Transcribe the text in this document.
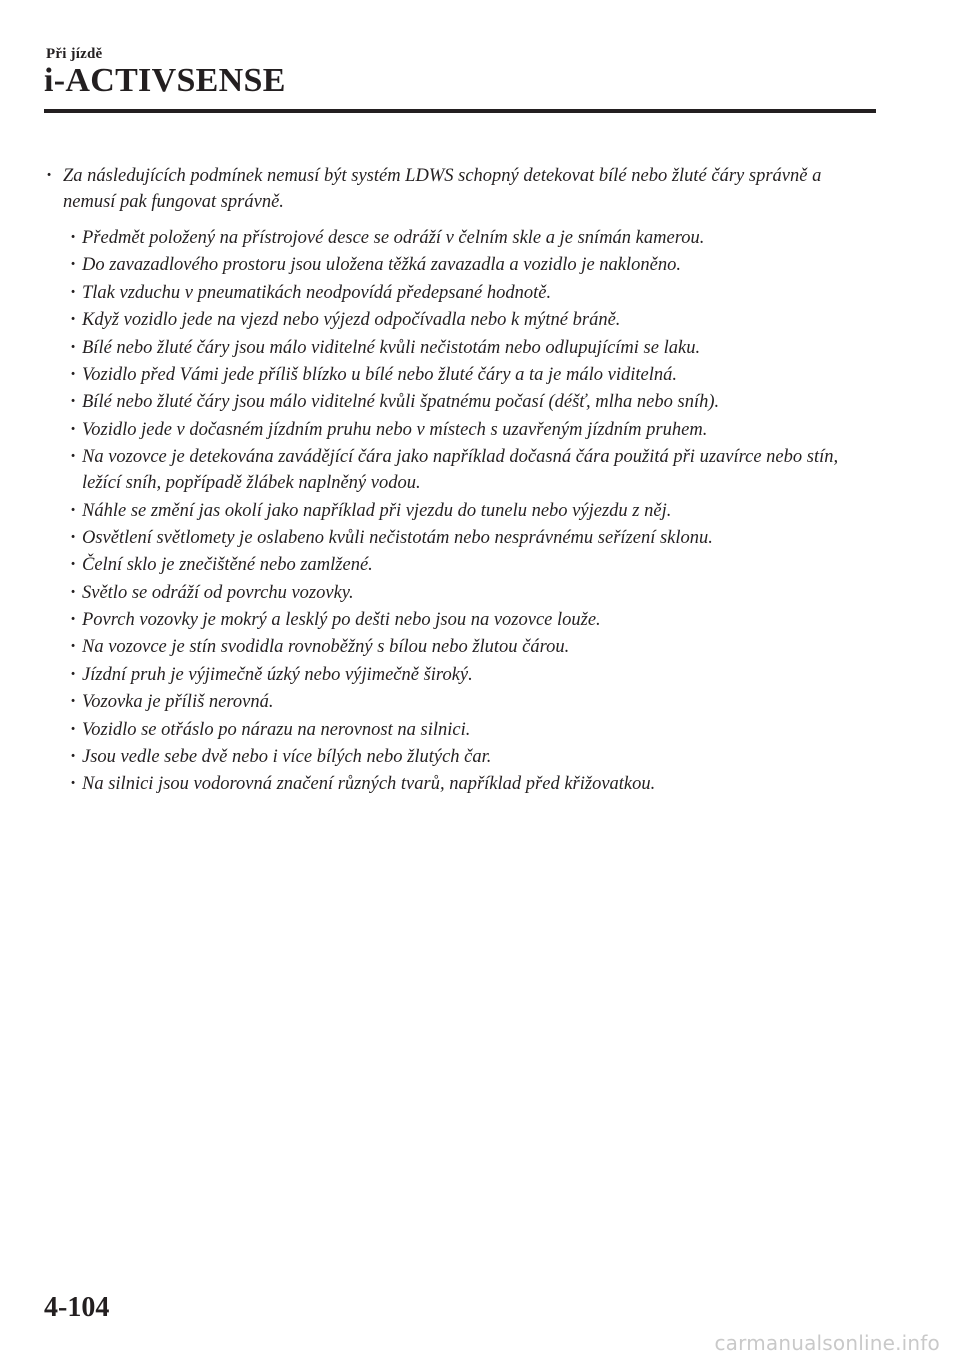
Při jízdě
i-ACTIVSENSE

· Za následujících podmínek nemusí být systém LDWS schopný detekovat bílé nebo žluté čáry správně a nemusí pak fungovat správně.

· Předmět položený na přístrojové desce se odráží v čelním skle a je snímán kamerou.
· Do zavazadlového prostoru jsou uložena těžká zavazadla a vozidlo je nakloněno.
· Tlak vzduchu v pneumatikách neodpovídá předepsané hodnotě.
· Když vozidlo jede na vjezd nebo výjezd odpočívadla nebo k mýtné bráně.
· Bílé nebo žluté čáry jsou málo viditelné kvůli nečistotám nebo odlupujícími se laku.
· Vozidlo před Vámi jede příliš blízko u bílé nebo žluté čáry a ta je málo viditelná.
· Bílé nebo žluté čáry jsou málo viditelné kvůli špatnému počasí (déšť, mlha nebo sníh).
· Vozidlo jede v dočasném jízdním pruhu nebo v místech s uzavřeným jízdním pruhem.
· Na vozovce je detekována zavádějící čára jako například dočasná čára použitá při uzavírce nebo stín, ležící sníh, popřípadě žlábek naplněný vodou.
· Náhle se změní jas okolí jako například při vjezdu do tunelu nebo výjezdu z něj.
· Osvětlení světlomety je oslabeno kvůli nečistotám nebo nesprávnému seřízení sklonu.
· Čelní sklo je znečištěné nebo zamlžené.
· Světlo se odráží od povrchu vozovky.
· Povrch vozovky je mokrý a lesklý po dešti nebo jsou na vozovce louže.
· Na vozovce je stín svodidla rovnoběžný s bílou nebo žlutou čárou.
· Jízdní pruh je výjimečně úzký nebo výjimečně široký.
· Vozovka je příliš nerovná.
· Vozidlo se otřáslo po nárazu na nerovnost na silnici.
· Jsou vedle sebe dvě nebo i více bílých nebo žlutých čar.
· Na silnici jsou vodorovná značení různých tvarů, například před křižovatkou.
4-104
carmanualsonline.info
